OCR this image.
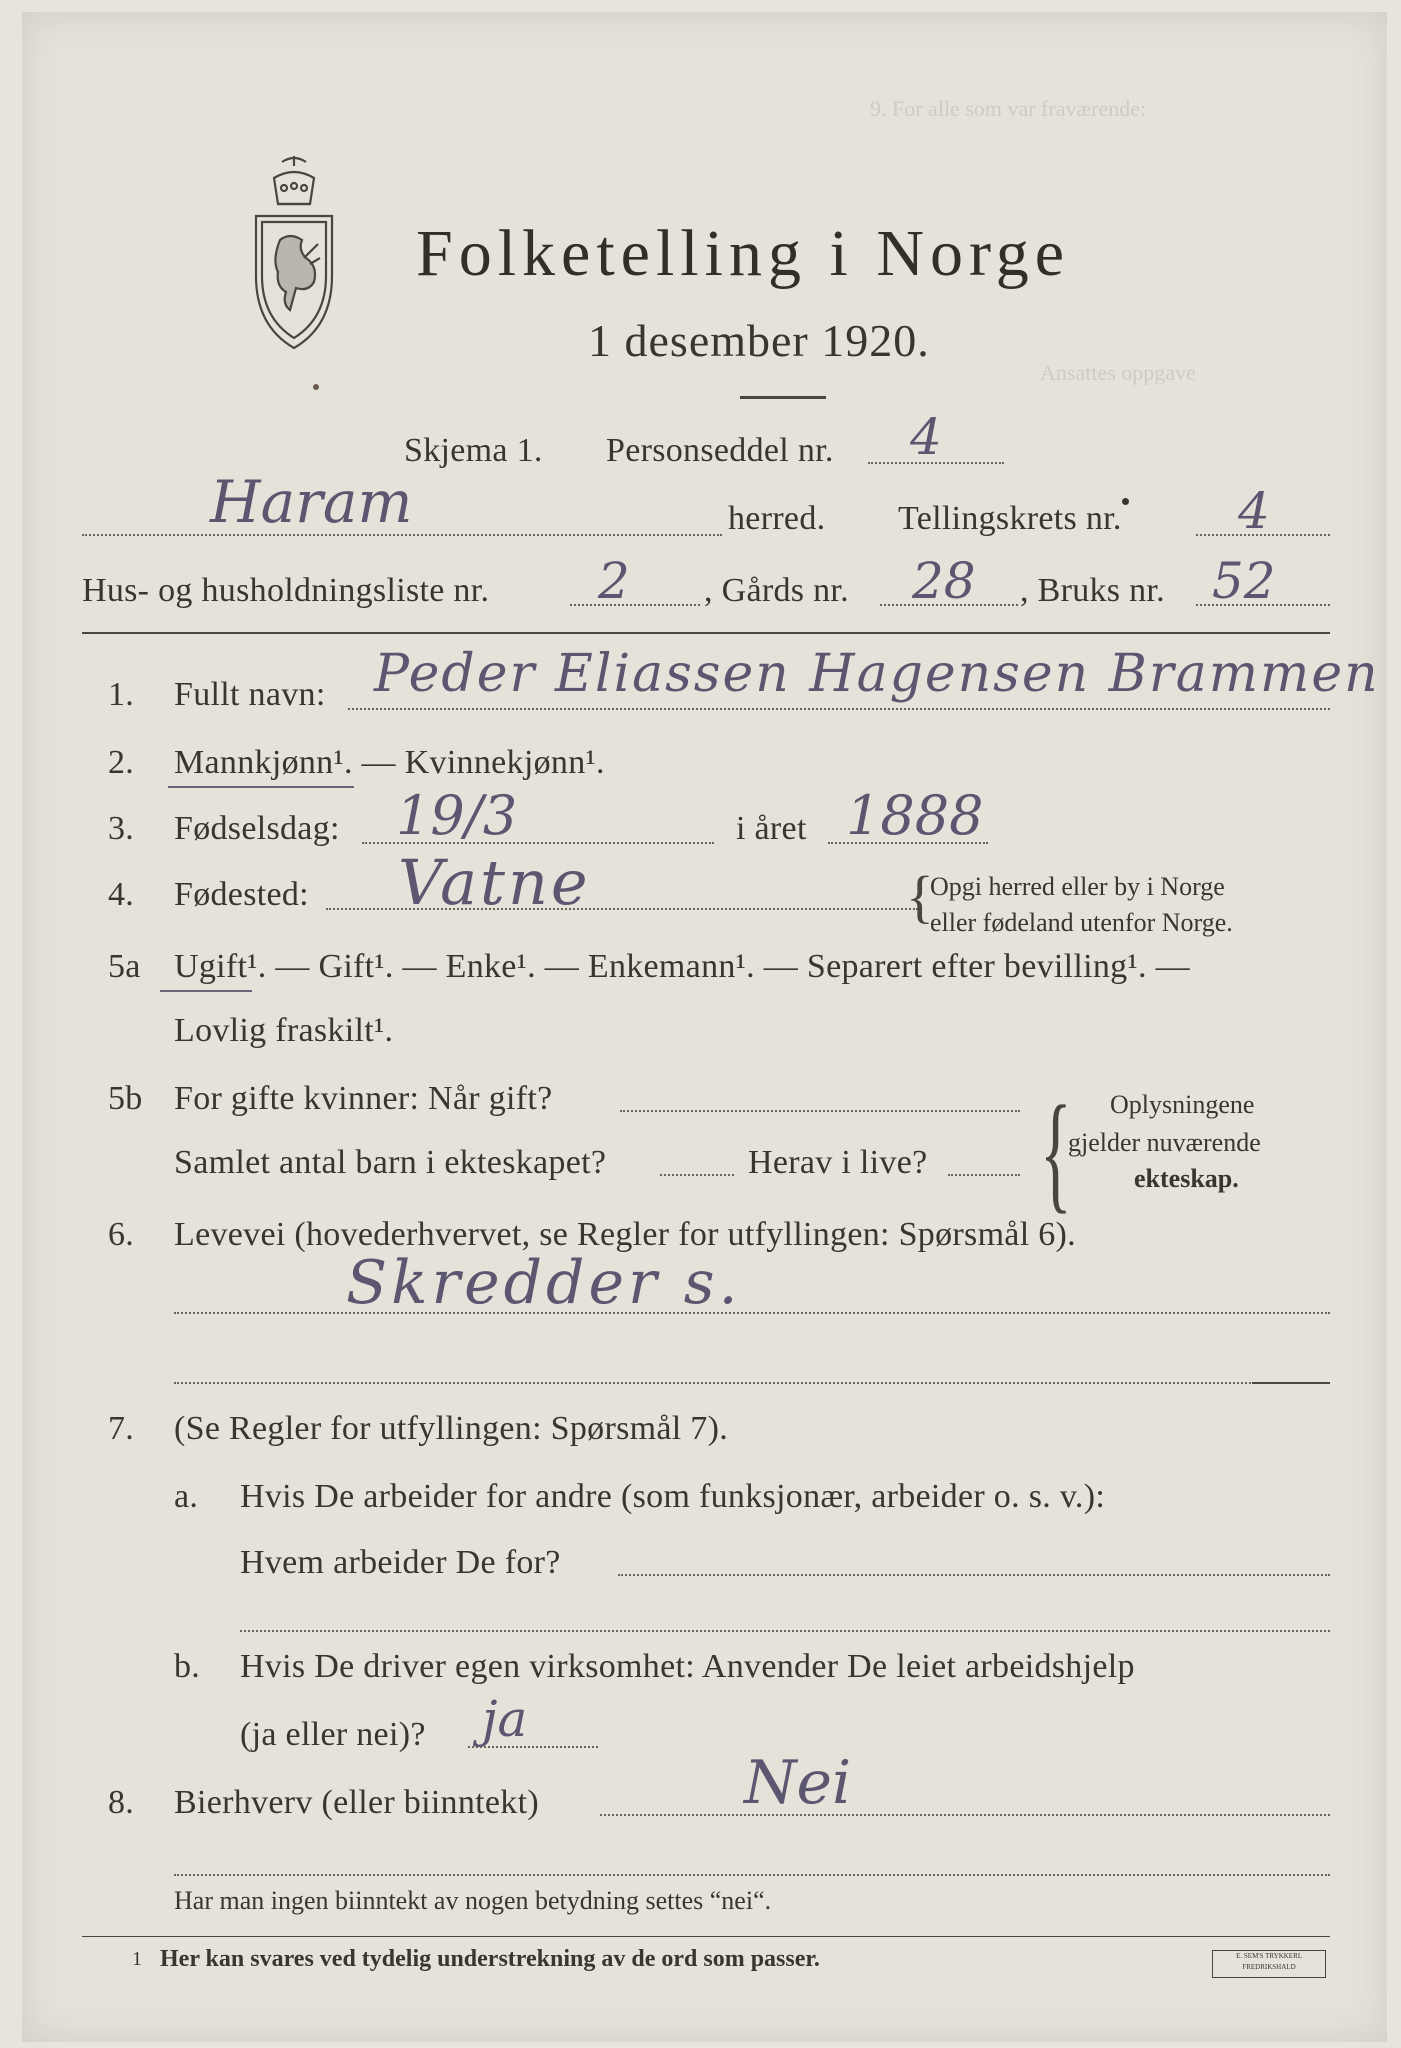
9. For alle som var fraværende:
Ansattes oppgave
Folketelling i Norge
1 desember 1920.
Skjema 1. Personseddel nr. 4
Haram	herred. Tellingskrets nr. 4
Hus- og husholdningsliste nr. 2 , Gårds nr. 28 , Bruks nr. 52
1. Fullt navn: Peder Eliassen Hagensen Brammen
2. Mannkjønn¹. — Kvinnekjønn¹.
3. Fødselsdag: 19/3	i året 1888
4. Fødested: Vatne	{
Opgi herred eller by i Norge
eller fødeland utenfor Norge.
5a Ugift¹. — Gift¹. — Enke¹. — Enkemann¹. — Separert efter bevilling¹. —
Lovlig fraskilt¹.
5b For gifte kvinner: Når gift?
Samlet antal barn i ekteskapet?	Herav i live? { Oplysningene
gjelder nuværende
ekteskap.
6. Levevei (hovederhvervet, se Regler for utfyllingen: Spørsmål 6).
Skredder s.
7. (Se Regler for utfyllingen: Spørsmål 7).
a. Hvis De arbeider for andre (som funksjonær, arbeider o. s. v.):
Hvem arbeider De for?
b. Hvis De driver egen virksomhet: Anvender De leiet arbeidshjelp
(ja eller nei)? ja
8. Bierhverv (eller biinntekt)	Nei
Har man ingen biinntekt av nogen betydning settes “nei“.
1 Her kan svares ved tydelig understrekning av de ord som passer.	E. SEM'S TRYKKERI, FREDRIKSHALD
